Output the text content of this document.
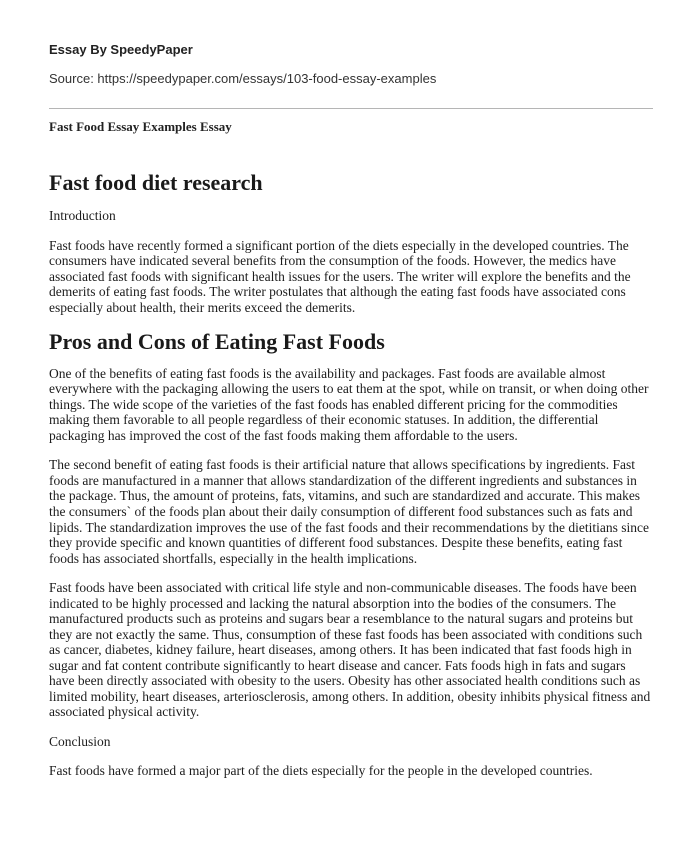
Essay By SpeedyPaper
Source: https://speedypaper.com/essays/103-food-essay-examples
Fast Food Essay Examples Essay
Fast food diet research

Introduction

Fast foods have recently formed a significant portion of the diets especially in the developed countries. The consumers have indicated several benefits from the consumption of the foods. However, the medics have associated fast foods with significant health issues for the users. The writer will explore the benefits and the demerits of eating fast foods. The writer postulates that although the eating fast foods have associated cons especially about health, their merits exceed the demerits.

Pros and Cons of Eating Fast Foods

One of the benefits of eating fast foods is the availability and packages. Fast foods are available almost everywhere with the packaging allowing the users to eat them at the spot, while on transit, or when doing other things. The wide scope of the varieties of the fast foods has enabled different pricing for the commodities making them favorable to all people regardless of their economic statuses. In addition, the differential packaging has improved the cost of the fast foods making them affordable to the users.

The second benefit of eating fast foods is their artificial nature that allows specifications by ingredients. Fast foods are manufactured in a manner that allows standardization of the different ingredients and substances in the package. Thus, the amount of proteins, fats, vitamins, and such are standardized and accurate. This makes the consumers` of the foods plan about their daily consumption of different food substances such as fats and lipids. The standardization improves the use of the fast foods and their recommendations by the dietitians since they provide specific and known quantities of different food substances. Despite these benefits, eating fast foods has associated shortfalls, especially in the health implications.

Fast foods have been associated with critical life style and non-communicable diseases. The foods have been indicated to be highly processed and lacking the natural absorption into the bodies of the consumers. The manufactured products such as proteins and sugars bear a resemblance to the natural sugars and proteins but they are not exactly the same. Thus, consumption of these fast foods has been associated with conditions such as cancer, diabetes, kidney failure, heart diseases, among others. It has been indicated that fast foods high in sugar and fat content contribute significantly to heart disease and cancer. Fats foods high in fats and sugars have been directly associated with obesity to the users. Obesity has other associated health conditions such as limited mobility, heart diseases, arteriosclerosis, among others. In addition, obesity inhibits physical fitness and associated physical activity.

Conclusion

Fast foods have formed a major part of the diets especially for the people in the developed countries.
